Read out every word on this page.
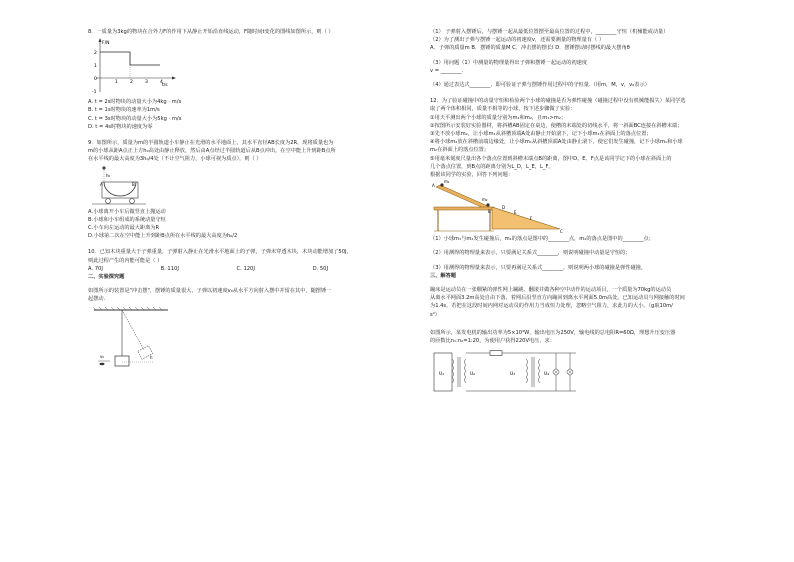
8．一质量为3kg的物块在合外力F的作用下从静止开始沿直线运动，F随时间t变化的图线如图所示，则（ ）
F/N
t/s
2
1
0
-1
1	2	3	4
A. t = 2s时物块的动量大小为4kg · m/s
B. t = 1s时物块的速率为1m/s
C. t = 3s时物块的动量大小为5kg · m/s
D. t = 4s时物块的速度为零
9．如图所示，质量为m的半圆轨道小车静止在光滑的水平地面上，其水平直径AB长度为2R，现将质量也为
m的小球从距A点正上方h₀高处由静止释放，然后由A点经过半圆轨道后从B点冲出，在空中能上升到距B点所
在水平线的最大高度为3h₀/4处（不计空气阻力，小球可视为质点），则（ ）
h₀
A	B
A.小球离开小车后做竖直上抛运动
B.小球和小车组成的系统动量守恒
C.小车向左运动的最大距离为R
D.小球第二次在空中能上升到距B点所在水平线的最大高度为h₀/2
10．已知木块重量大于子弹重量，子弹射入静止在光滑水平地面上的子弹，子弹未穿透木块，木块动能增加了50J，
则此过程产生的内能可能是（ ）
A. 70J	B. 110J	C. 120J	D. 50J
二、实验探究题
如图所示的装置是"冲击摆"，摆锤的质量很大，子弹以初速度v₀从水平方向射入摆中并留在其中，随摆锤一
起摆动.
v₀	h
（1） 子弹射入摆锤后，与摆锤一起从最低位置摆至最高位置的过程中，________守恒（机械能或动量）
（2）为了测出子弹与摆锤一起运动的初速度v，还需要测量的物理量有（ ）
A．子弹的质量m B．摆锤的质量M C．冲击摆的摆长l D．摆锤摆动时摆线的最大摆角θ
（3）用问题（1）中测量的物理量得出子弹和摆锤一起运动的初速度
v = ________.
（4）通过表达式________，即可验证子弹与摆锤作用过程中的守恒量.（用m，M，v，v₀表示）
12．为了验证碰撞中的动量守恒和检验两个小球的碰撞是否为弹性碰撞（碰撞过程中没有机械能损失）某同学选
取了两个体积相同，质量不相等的小球，按下述步骤做了实验：
①用天平测出两个小球的质量分别为m₁和m₂，且m₁>m₂；
②按图所示安装好实验器材，将斜槽AB固定在桌边，使槽的末端处的切线水平，将一斜面BC连接在斜槽末端；
③先不放小球m₂，让小球m₁从斜槽顶端A处由静止开始滚下，记下小球m₁在斜面上的落点位置；
④将小球m₂放在斜槽前端边缘处，让小球m₁从斜槽顶端A处由静止滚下，使它们发生碰撞，记下小球m₁和小球
m₂在斜面上的落点位置；
⑤用毫米刻度尺量出各个落点位置到斜槽末端点B的距离，图中D、E、F点是该同学记下的小球在斜面上的
几个落点位置，到B点的距离分别为L_D，L_E，L_F。
根据该同学的实验，回答下列问题：
A
m₁
m₂
B
D
E
F
C
（1）小球m₁与m₂发生碰撞后，m₁的落点是图中的________点，m₂的落点是图中的________点；
（2）用测得的物理量来表示，只要满足关系式________，则说明碰撞中动量是守恒的；
（3）用测得的物理量来表示，只要再满足关系式________，则说明两小球的碰撞是弹性碰撞。
三、解答题
蹦床是运动员在一张绷紧的弹性网上蹦跳、翻滚并做各种空中动作的运动项目，一个质量为70kg的运动员
从离水平网面3.2m高处自由下落，着网后沿竖直方向蹦回到离水平网面5.0m高处。已知运动员与网接触的时间
为1.4s，若把在这段时间内网对运动员的作用力当成恒力处理，忽略空气阻力，求此力的大小。（g取10m/
s²）
如图所示，某发电机的输出功率为5×10⁴W，输出电压为250V，输电线的总电阻R=60Ω，理想升压变压器
的匝数比n₁:n₂=1:20，为使用户获得220V电压，求：
U₁	U₂	U₃	U₄
